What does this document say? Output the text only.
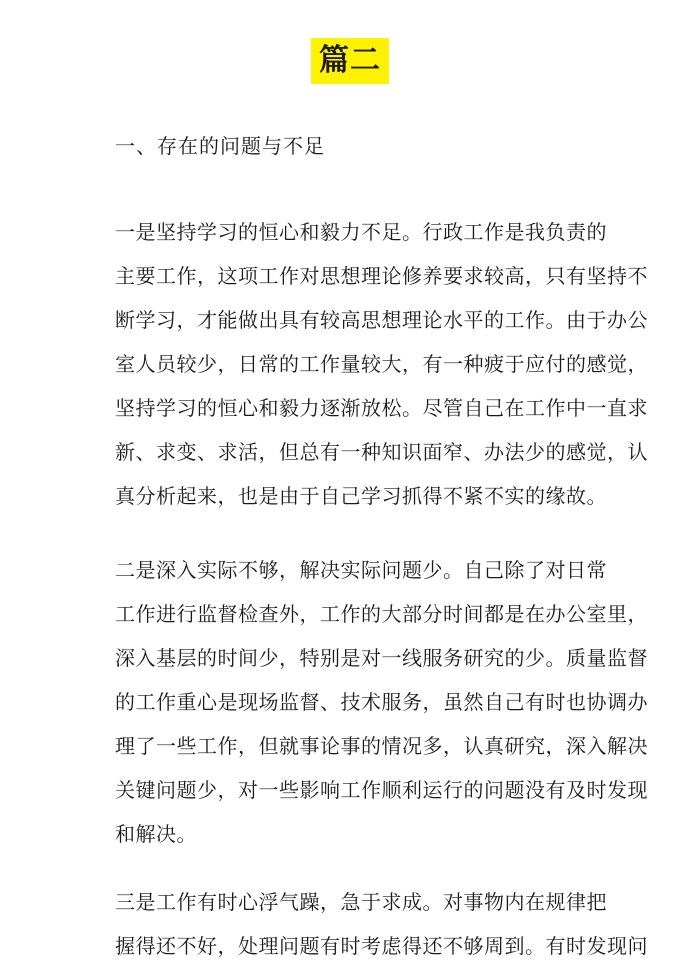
篇二
一、存在的问题与不足
一是坚持学习的恒心和毅力不足。行政工作是我负责的
主要工作，这项工作对思想理论修养要求较高，只有坚持不
断学习，才能做出具有较高思想理论水平的工作。由于办公
室人员较少，日常的工作量较大，有一种疲于应付的感觉，
坚持学习的恒心和毅力逐渐放松。尽管自己在工作中一直求
新、求变、求活，但总有一种知识面窄、办法少的感觉，认
真分析起来，也是由于自己学习抓得不紧不实的缘故。
二是深入实际不够，解决实际问题少。自己除了对日常
工作进行监督检查外，工作的大部分时间都是在办公室里，
深入基层的时间少，特别是对一线服务研究的少。质量监督
的工作重心是现场监督、技术服务，虽然自己有时也协调办
理了一些工作，但就事论事的情况多，认真研究，深入解决
关键问题少，对一些影响工作顺利运行的问题没有及时发现
和解决。
三是工作有时心浮气躁，急于求成。对事物内在规律把
握得还不好，处理问题有时考虑得还不够周到。有时发现问
